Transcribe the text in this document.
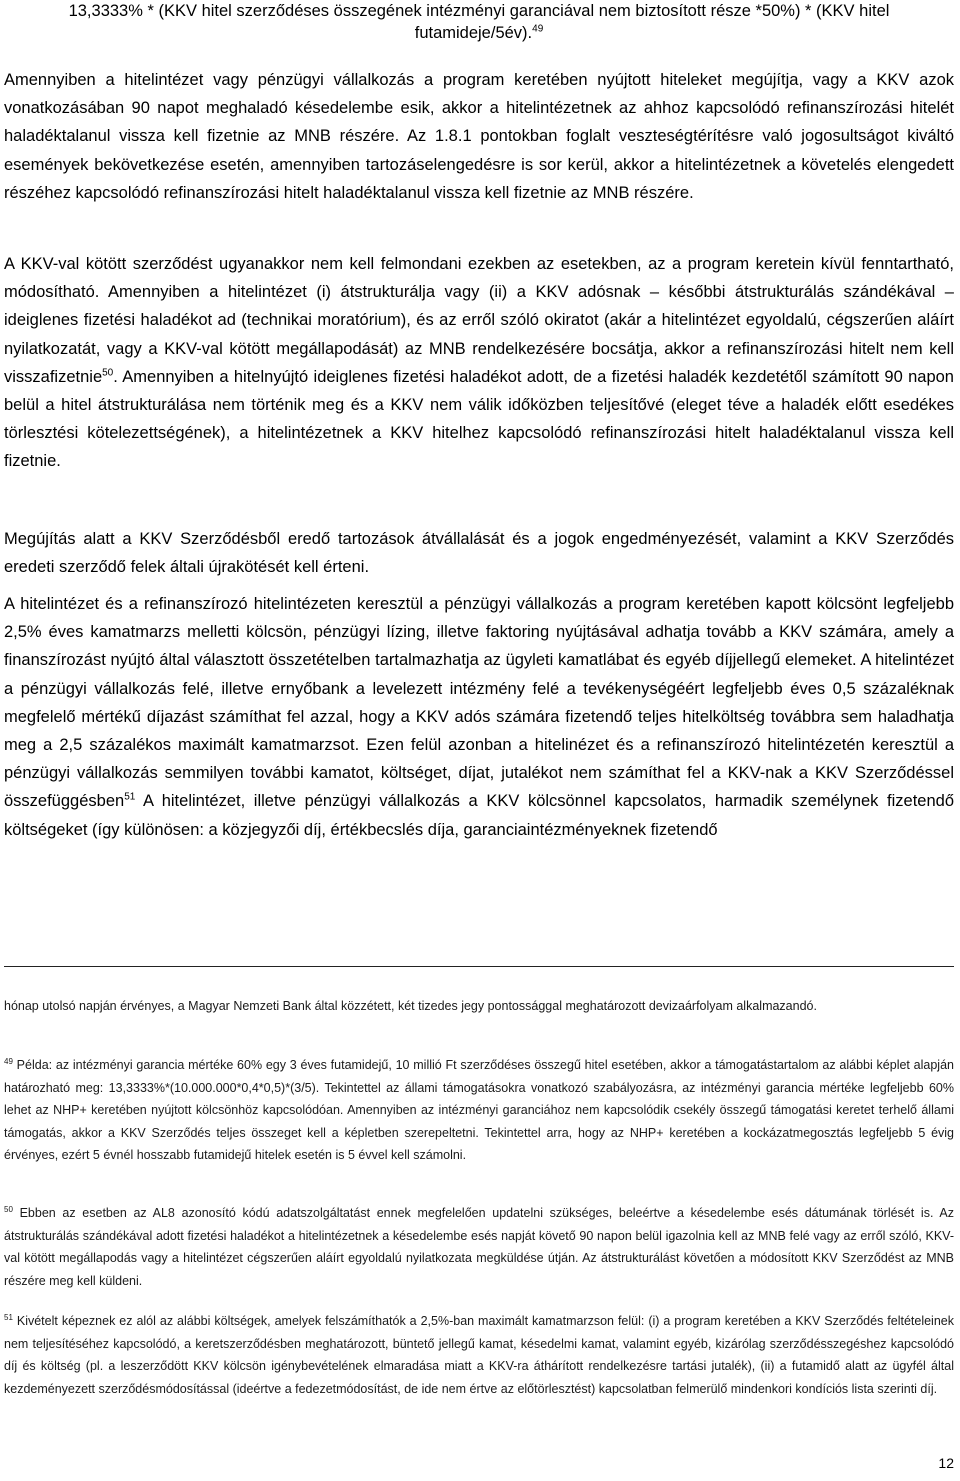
13,3333% * (KKV hitel szerződéses összegének intézményi garanciával nem biztosított része *50%) * (KKV hitel futamideje/5év).$^{49}$

Amennyiben a hitelintézet vagy pénzügyi vállalkozás a program keretében nyújtott hiteleket megújítja, vagy a KKV azok vonatkozásában 90 napot meghaladó késedelembe esik, akkor a hitelintézetnek az ahhoz kapcsolódó refinanszírozási hitelét haladéktalanul vissza kell fizetnie az MNB részére. Az 1.8.1 pontokban foglalt veszteségtérítésre való jogosultságot kiváltó események bekövetkezése esetén, amennyiben tartozáselengedésre is sor kerül, akkor a hitelintézetnek a követelés elengedett részéhez kapcsolódó refinanszírozási hitelt haladéktalanul vissza kell fizetnie az MNB részére.

A KKV-val kötött szerződést ugyanakkor nem kell felmondani ezekben az esetekben, az a program keretein kívül fenntartható, módosítható. Amennyiben a hitelintézet (i) átstrukturálja vagy (ii) a KKV adósnak – későbbi átstrukturálás szándékával – ideiglenes fizetési haladékot ad (technikai moratórium), és az erről szóló okiratot (akár a hitelintézet egyoldalú, cégszerűen aláírt nyilatkozatát, vagy a KKV-val kötött megállapodását) az MNB rendelkezésére bocsátja, akkor a refinanszírozási hitelt nem kell visszafizetnie$^{50}$. Amennyiben a hitelnyújtó ideiglenes fizetési haladékot adott, de a fizetési haladék kezdetétől számított 90 napon belül a hitel átstrukturálása nem történik meg és a KKV nem válik időközben teljesítővé (eleget téve a haladék előtt esedékes törlesztési kötelezettségének), a hitelintézetnek a KKV hitelhez kapcsolódó refinanszírozási hitelt haladéktalanul vissza kell fizetnie.

Megújítás alatt a KKV Szerződésből eredő tartozások átvállalását és a jogok engedményezését, valamint a KKV Szerződés eredeti szerződő felek általi újrakötését kell érteni.

A hitelintézet és a refinanszírozó hitelintézeten keresztül a pénzügyi vállalkozás a program keretében kapott kölcsönt legfeljebb 2,5% éves kamatmarzs melletti kölcsön, pénzügyi lízing, illetve faktoring nyújtásával adhatja tovább a KKV számára, amely a finanszírozást nyújtó által választott összetételben tartalmazhatja az ügyleti kamatlábat és egyéb díjjellegű elemeket. A hitelintézet a pénzügyi vállalkozás felé, illetve ernyőbank a levelezett intézmény felé a tevékenységéért legfeljebb éves 0,5 százaléknak megfelelő mértékű díjazást számíthat fel azzal, hogy a KKV adós számára fizetendő teljes hitelköltség továbbra sem haladhatja meg a 2,5 százalékos maximált kamatmarzsot. Ezen felül azonban a hitelinézet és a refinanszírozó hitelintézetén keresztül a pénzügyi vállalkozás semmilyen további kamatot, költséget, díjat, jutalékot nem számíthat fel a KKV-nak a KKV Szerződéssel összefüggésben$^{51}$ A hitelintézet, illetve pénzügyi vállalkozás a KKV kölcsönnel kapcsolatos, harmadik személynek fizetendő költségeket (így különösen: a közjegyzői díj, értékbecslés díja, garanciaintézményeknek fizetendő

hónap utolsó napján érvényes, a Magyar Nemzeti Bank által közzétett, két tizedes jegy pontossággal meghatározott devizaárfolyam alkalmazandó.

$^{49}$ Példa: az intézményi garancia mértéke 60% egy 3 éves futamidejű, 10 millió Ft szerződéses összegű hitel esetében, akkor a támogatástartalom az alábbi képlet alapján határozható meg: 13,3333%*(10.000.000*0,4*0,5)*(3/5). Tekintettel az állami támogatásokra vonatkozó szabályozásra, az intézményi garancia mértéke legfeljebb 60% lehet az NHP+ keretében nyújtott kölcsönhöz kapcsolódóan. Amennyiben az intézményi garanciához nem kapcsolódik csekély összegű támogatási keretet terhelő állami támogatás, akkor a KKV Szerződés teljes összeget kell a képletben szerepeltetni. Tekintettel arra, hogy az NHP+ keretében a kockázatmegosztás legfeljebb 5 évig érvényes, ezért 5 évnél hosszabb futamidejű hitelek esetén is 5 évvel kell számolni.

$^{50}$ Ebben az esetben az AL8 azonosító kódú adatszolgáltatást ennek megfelelően updatelni szükséges, beleértve a késedelembe esés dátumának törlését is. Az átstrukturálás szándékával adott fizetési haladékot a hitelintézetnek a késedelembe esés napját követő 90 napon belül igazolnia kell az MNB felé vagy az erről szóló, KKV-val kötött megállapodás vagy a hitelintézet cégszerűen aláírt egyoldalú nyilatkozata megküldése útján. Az átstrukturálást követően a módosított KKV Szerződést az MNB részére meg kell küldeni.

$^{51}$ Kivételt képeznek ez alól az alábbi költségek, amelyek felszámíthatók a 2,5%-ban maximált kamatmarzson felül: (i) a program keretében a KKV Szerződés feltételeinek nem teljesítéséhez kapcsolódó, a keretszerződésben meghatározott, büntető jellegű kamat, késedelmi kamat, valamint egyéb, kizárólag szerződésszegéshez kapcsolódó díj és költség (pl. a leszerződött KKV kölcsön igénybevételének elmaradása miatt a KKV-ra áthárított rendelkezésre tartási jutalék), (ii) a futamidő alatt az ügyfél által kezdeményezett szerződésmódosítással (ideértve a fedezetmódosítást, de ide nem értve az előtörlesztést) kapcsolatban felmerülő mindenkori kondíciós lista szerinti díj.

12
